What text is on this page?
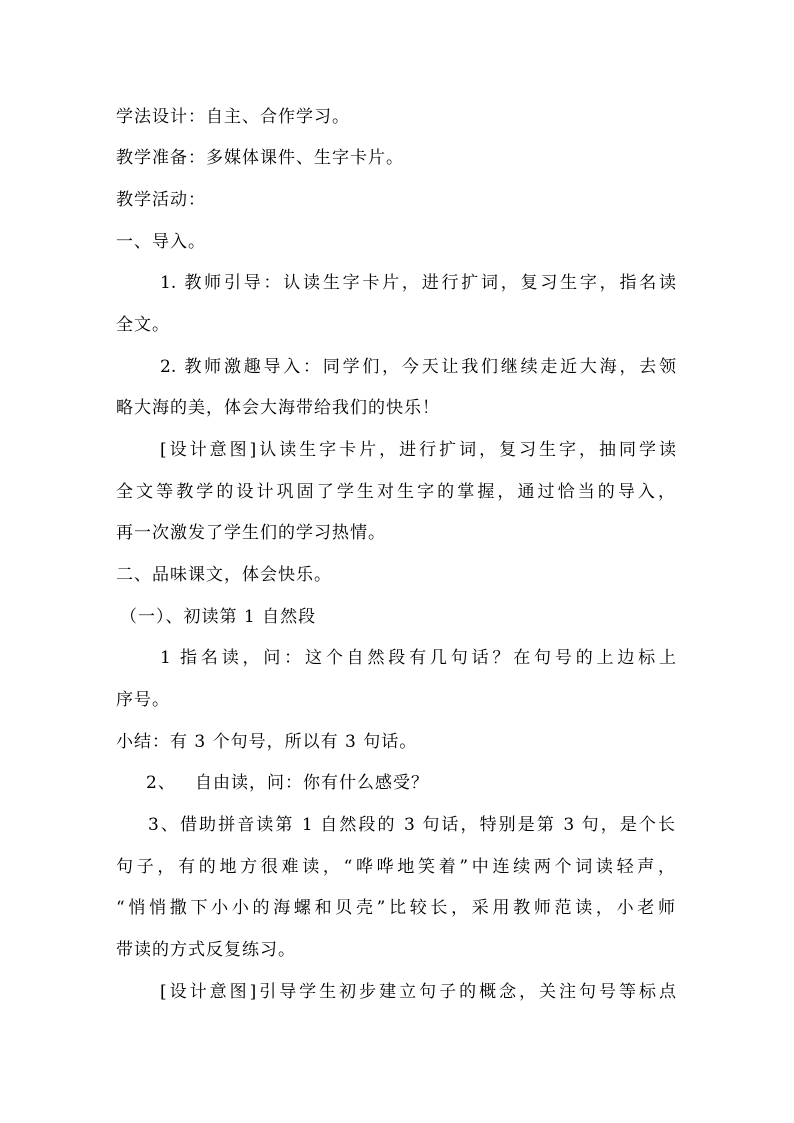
学法设计：自主、合作学习。
教学准备：多媒体课件、生字卡片。
教学活动：
一、导入。
1. 教师引导：认读生字卡片，进行扩词，复习生字，指名读
全文。
2. 教师激趣导入：同学们，今天让我们继续走近大海，去领
略大海的美，体会大海带给我们的快乐！
[设计意图]认读生字卡片，进行扩词，复习生字，抽同学读
全文等教学的设计巩固了学生对生字的掌握，通过恰当的导入，
再一次激发了学生们的学习热情。
二、品味课文，体会快乐。
（一）、初读第 1 自然段
1 指名读，问：这个自然段有几句话？在句号的上边标上
序号。
小结：有 3 个句号，所以有 3 句话。
2、   自由读，问：你有什么感受？
3、借助拼音读第 1 自然段的 3 句话，特别是第 3 句，是个长
句子，有的地方很难读，“哗哗地笑着”中连续两个词读轻声，
“悄悄撒下小小的海螺和贝壳”比较长，采用教师范读，小老师
带读的方式反复练习。
[设计意图]引导学生初步建立句子的概念，关注句号等标点
